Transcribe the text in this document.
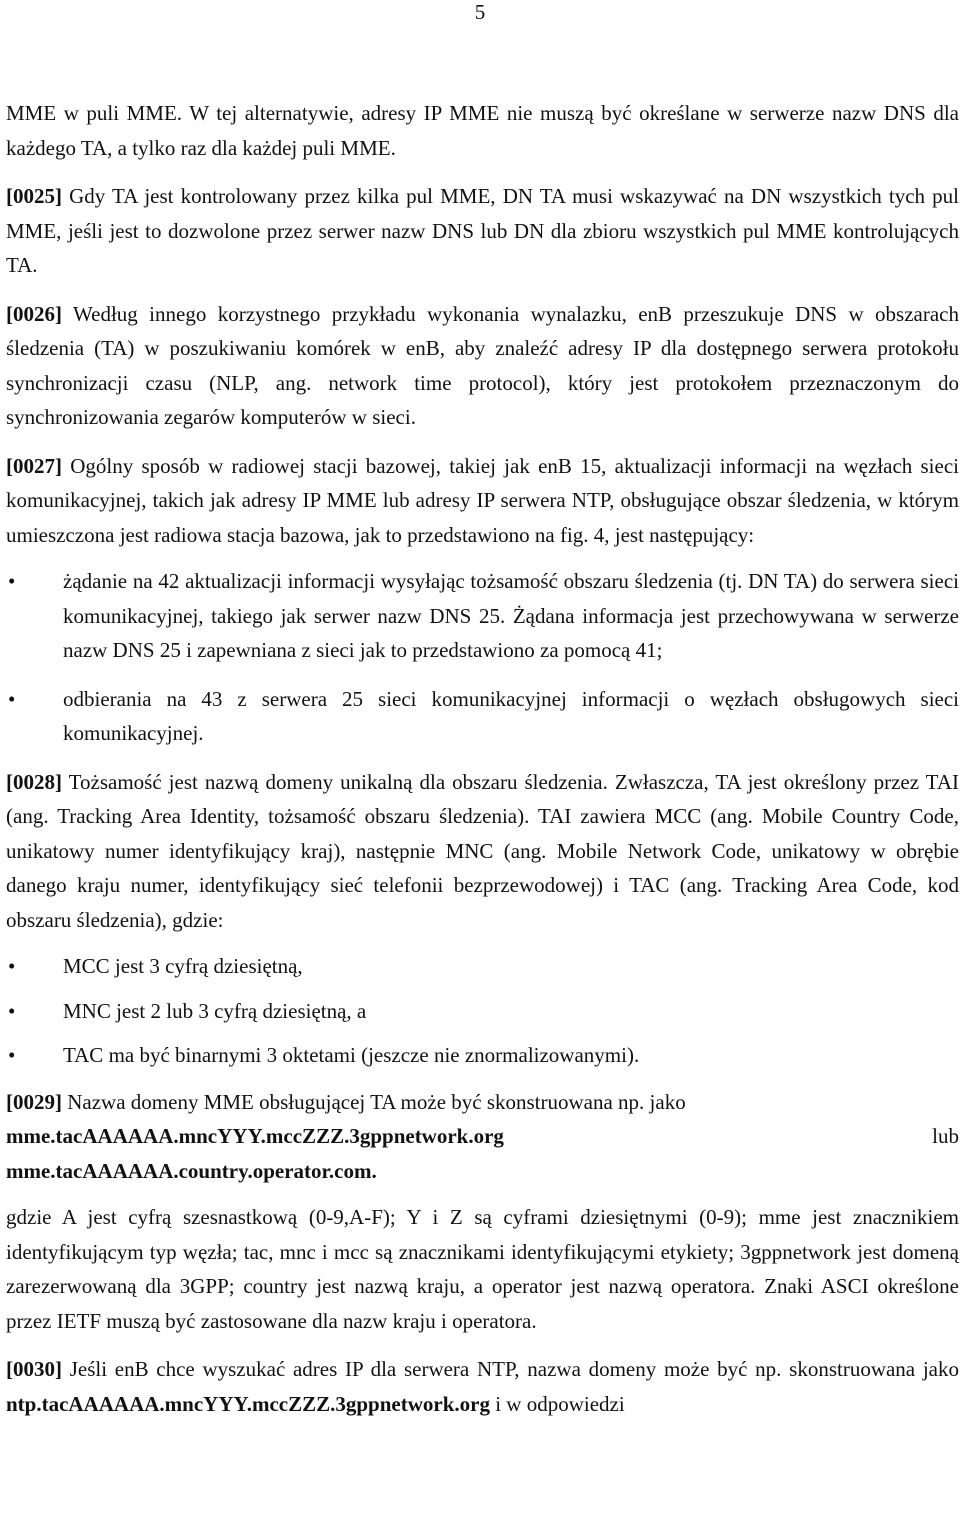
5

MME w puli MME. W tej alternatywie, adresy IP MME nie muszą być określane w serwerze nazw DNS dla każdego TA, a tylko raz dla każdej puli MME.

[0025] Gdy TA jest kontrolowany przez kilka pul MME, DN TA musi wskazywać na DN wszystkich tych pul MME, jeśli jest to dozwolone przez serwer nazw DNS lub DN dla zbioru wszystkich pul MME kontrolujących TA.

[0026] Według innego korzystnego przykładu wykonania wynalazku, enB przeszukuje DNS w obszarach śledzenia (TA) w poszukiwaniu komórek w enB, aby znaleźć adresy IP dla dostępnego serwera protokołu synchronizacji czasu (NLP, ang. network time protocol), który jest protokołem przeznaczonym do synchronizowania zegarów komputerów w sieci.

[0027] Ogólny sposób w radiowej stacji bazowej, takiej jak enB 15, aktualizacji informacji na węzłach sieci komunikacyjnej, takich jak adresy IP MME lub adresy IP serwera NTP, obsługujące obszar śledzenia, w którym umieszczona jest radiowa stacja bazowa, jak to przedstawiono na fig. 4, jest następujący:

• żądanie na 42 aktualizacji informacji wysyłając tożsamość obszaru śledzenia (tj. DN TA) do serwera sieci komunikacyjnej, takiego jak serwer nazw DNS 25. Żądana informacja jest przechowywana w serwerze nazw DNS 25 i zapewniana z sieci jak to przedstawiono za pomocą 41;
• odbierania na 43 z serwera 25 sieci komunikacyjnej informacji o węzłach obsługowych sieci komunikacyjnej.

[0028] Tożsamość jest nazwą domeny unikalną dla obszaru śledzenia. Zwłaszcza, TA jest określony przez TAI (ang. Tracking Area Identity, tożsamość obszaru śledzenia). TAI zawiera MCC (ang. Mobile Country Code, unikatowy numer identyfikujący kraj), następnie MNC (ang. Mobile Network Code, unikatowy w obrębie danego kraju numer, identyfikujący sieć telefonii bezprzewodowej) i TAC (ang. Tracking Area Code, kod obszaru śledzenia), gdzie:

• MCC jest 3 cyfrą dziesiętną,
• MNC jest 2 lub 3 cyfrą dziesiętną, a
• TAC ma być binarnymi 3 oktetami (jeszcze nie znormalizowanymi).

[0029] Nazwa domeny MME obsługującej TA może być skonstruowana np. jako

mme.tacAAAAAA.mncYYY.mccZZZ.3gppnetwork.org	lub
mme.tacAAAAAA.country.operator.com.

gdzie A jest cyfrą szesnastkową (0-9,A-F); Y i Z są cyframi dziesiętnymi (0-9); mme jest znacznikiem identyfikującym typ węzła; tac, mnc i mcc są znacznikami identyfikującymi etykiety; 3gppnetwork jest domeną zarezerwowaną dla 3GPP; country jest nazwą kraju, a operator jest nazwą operatora. Znaki ASCI określone przez IETF muszą być zastosowane dla nazw kraju i operatora.

[0030] Jeśli enB chce wyszukać adres IP dla serwera NTP, nazwa domeny może być np. skonstruowana jako ntp.tacAAAAAA.mncYYY.mccZZZ.3gppnetwork.org i w odpowiedzi
